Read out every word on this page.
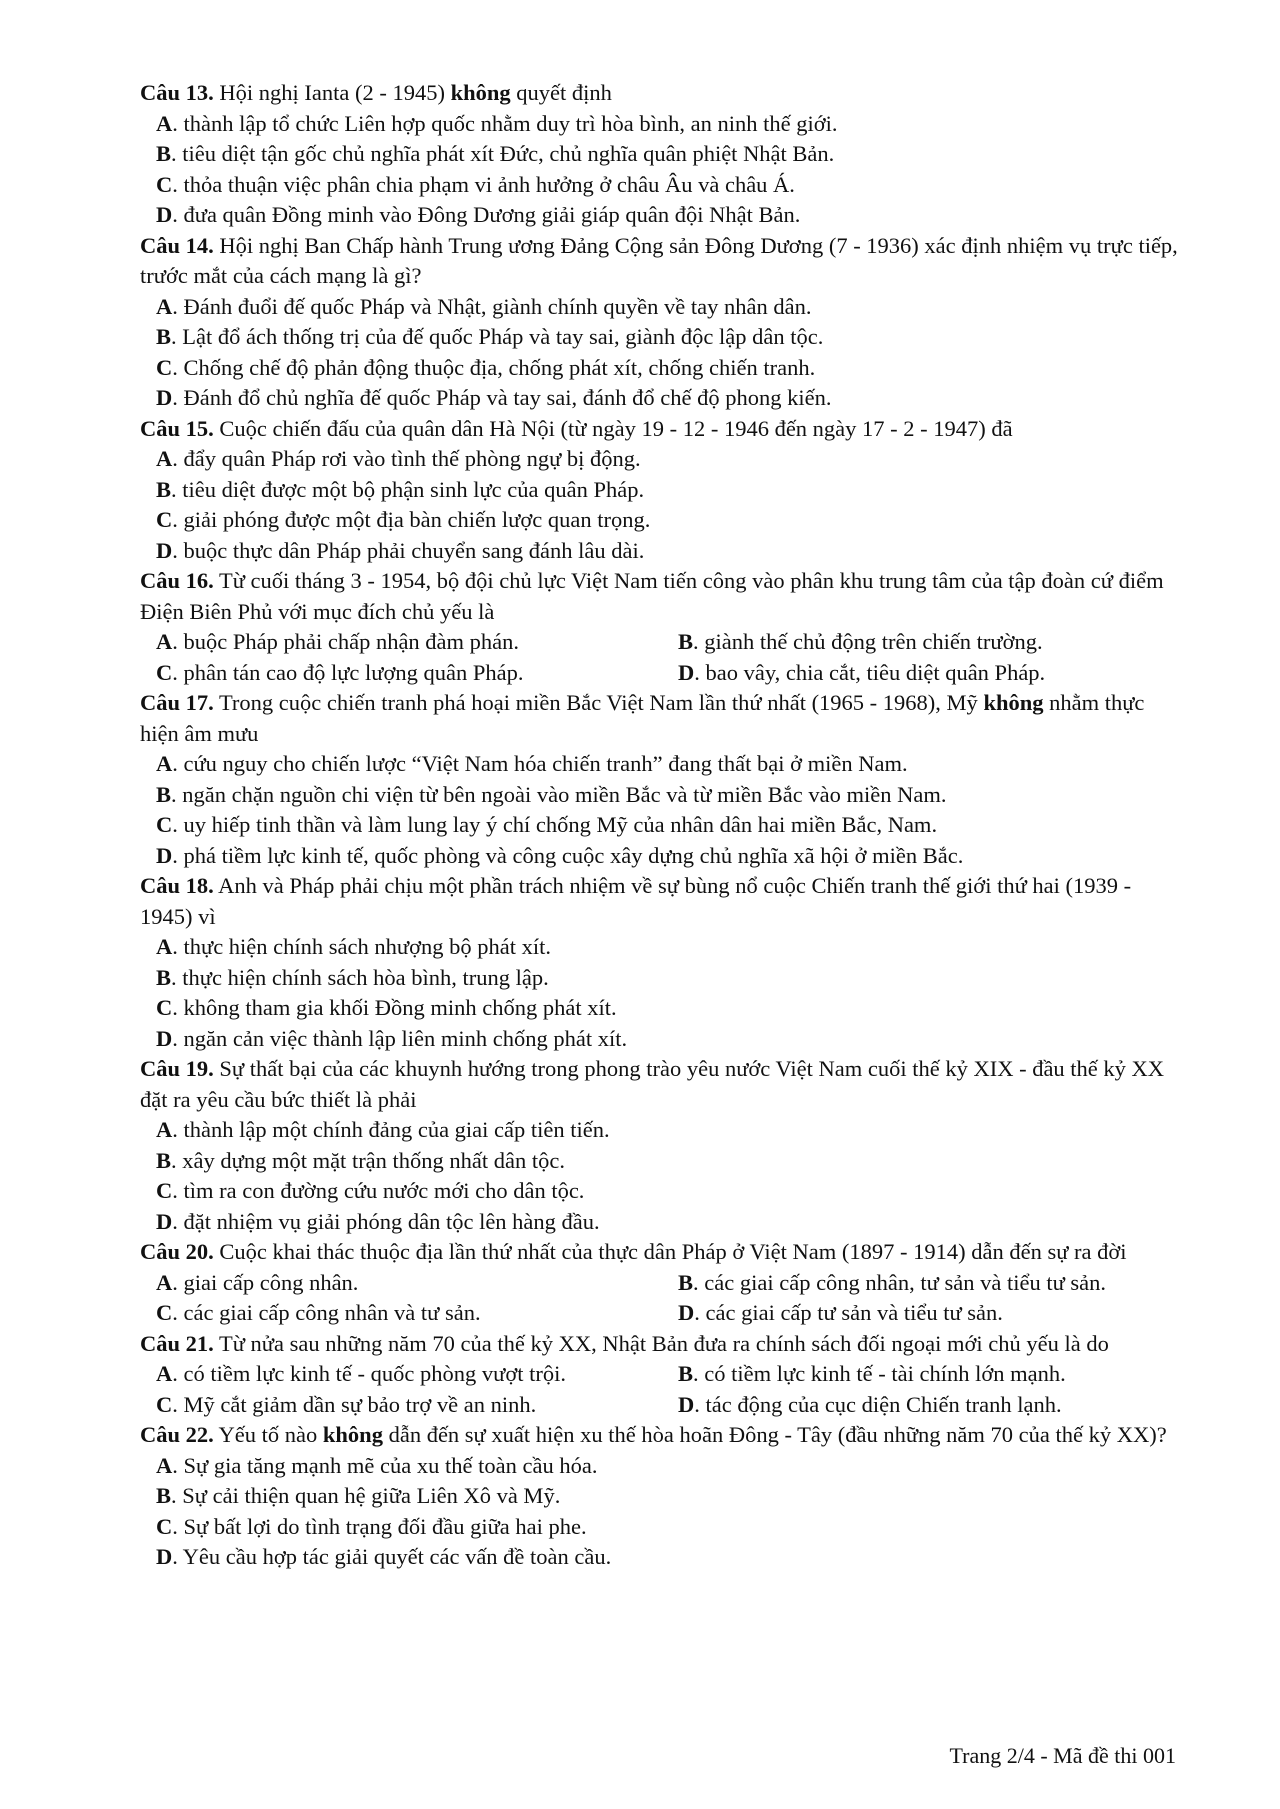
Câu 13. Hội nghị Ianta (2 - 1945) không quyết định
A. thành lập tổ chức Liên hợp quốc nhằm duy trì hòa bình, an ninh thế giới.
B. tiêu diệt tận gốc chủ nghĩa phát xít Đức, chủ nghĩa quân phiệt Nhật Bản.
C. thỏa thuận việc phân chia phạm vi ảnh hưởng ở châu Âu và châu Á.
D. đưa quân Đồng minh vào Đông Dương giải giáp quân đội Nhật Bản.
Câu 14. Hội nghị Ban Chấp hành Trung ương Đảng Cộng sản Đông Dương (7 - 1936) xác định nhiệm vụ trực tiếp, trước mắt của cách mạng là gì?
A. Đánh đuổi đế quốc Pháp và Nhật, giành chính quyền về tay nhân dân.
B. Lật đổ ách thống trị của đế quốc Pháp và tay sai, giành độc lập dân tộc.
C. Chống chế độ phản động thuộc địa, chống phát xít, chống chiến tranh.
D. Đánh đổ chủ nghĩa đế quốc Pháp và tay sai, đánh đổ chế độ phong kiến.
Câu 15. Cuộc chiến đấu của quân dân Hà Nội (từ ngày 19 - 12 - 1946 đến ngày 17 - 2 - 1947) đã
A. đẩy quân Pháp rơi vào tình thế phòng ngự bị động.
B. tiêu diệt được một bộ phận sinh lực của quân Pháp.
C. giải phóng được một địa bàn chiến lược quan trọng.
D. buộc thực dân Pháp phải chuyển sang đánh lâu dài.
Câu 16. Từ cuối tháng 3 - 1954, bộ đội chủ lực Việt Nam tiến công vào phân khu trung tâm của tập đoàn cứ điểm Điện Biên Phủ với mục đích chủ yếu là
A. buộc Pháp phải chấp nhận đàm phán.	B. giành thế chủ động trên chiến trường.
C. phân tán cao độ lực lượng quân Pháp.	D. bao vây, chia cắt, tiêu diệt quân Pháp.
Câu 17. Trong cuộc chiến tranh phá hoại miền Bắc Việt Nam lần thứ nhất (1965 - 1968), Mỹ không nhằm thực hiện âm mưu
A. cứu nguy cho chiến lược “Việt Nam hóa chiến tranh” đang thất bại ở miền Nam.
B. ngăn chặn nguồn chi viện từ bên ngoài vào miền Bắc và từ miền Bắc vào miền Nam.
C. uy hiếp tinh thần và làm lung lay ý chí chống Mỹ của nhân dân hai miền Bắc, Nam.
D. phá tiềm lực kinh tế, quốc phòng và công cuộc xây dựng chủ nghĩa xã hội ở miền Bắc.
Câu 18. Anh và Pháp phải chịu một phần trách nhiệm về sự bùng nổ cuộc Chiến tranh thế giới thứ hai (1939 - 1945) vì
A. thực hiện chính sách nhượng bộ phát xít.
B. thực hiện chính sách hòa bình, trung lập.
C. không tham gia khối Đồng minh chống phát xít.
D. ngăn cản việc thành lập liên minh chống phát xít.
Câu 19. Sự thất bại của các khuynh hướng trong phong trào yêu nước Việt Nam cuối thế kỷ XIX - đầu thế kỷ XX đặt ra yêu cầu bức thiết là phải
A. thành lập một chính đảng của giai cấp tiên tiến.
B. xây dựng một mặt trận thống nhất dân tộc.
C. tìm ra con đường cứu nước mới cho dân tộc.
D. đặt nhiệm vụ giải phóng dân tộc lên hàng đầu.
Câu 20. Cuộc khai thác thuộc địa lần thứ nhất của thực dân Pháp ở Việt Nam (1897 - 1914) dẫn đến sự ra đời
A. giai cấp công nhân.	B. các giai cấp công nhân, tư sản và tiểu tư sản.
C. các giai cấp công nhân và tư sản.	D. các giai cấp tư sản và tiểu tư sản.
Câu 21. Từ nửa sau những năm 70 của thế kỷ XX, Nhật Bản đưa ra chính sách đối ngoại mới chủ yếu là do
A. có tiềm lực kinh tế - quốc phòng vượt trội.	B. có tiềm lực kinh tế - tài chính lớn mạnh.
C. Mỹ cắt giảm dần sự bảo trợ về an ninh.	D. tác động của cục diện Chiến tranh lạnh.
Câu 22. Yếu tố nào không dẫn đến sự xuất hiện xu thế hòa hoãn Đông - Tây (đầu những năm 70 của thế kỷ XX)?
A. Sự gia tăng mạnh mẽ của xu thế toàn cầu hóa.
B. Sự cải thiện quan hệ giữa Liên Xô và Mỹ.
C. Sự bất lợi do tình trạng đối đầu giữa hai phe.
D. Yêu cầu hợp tác giải quyết các vấn đề toàn cầu.
Trang 2/4 - Mã đề thi 001
